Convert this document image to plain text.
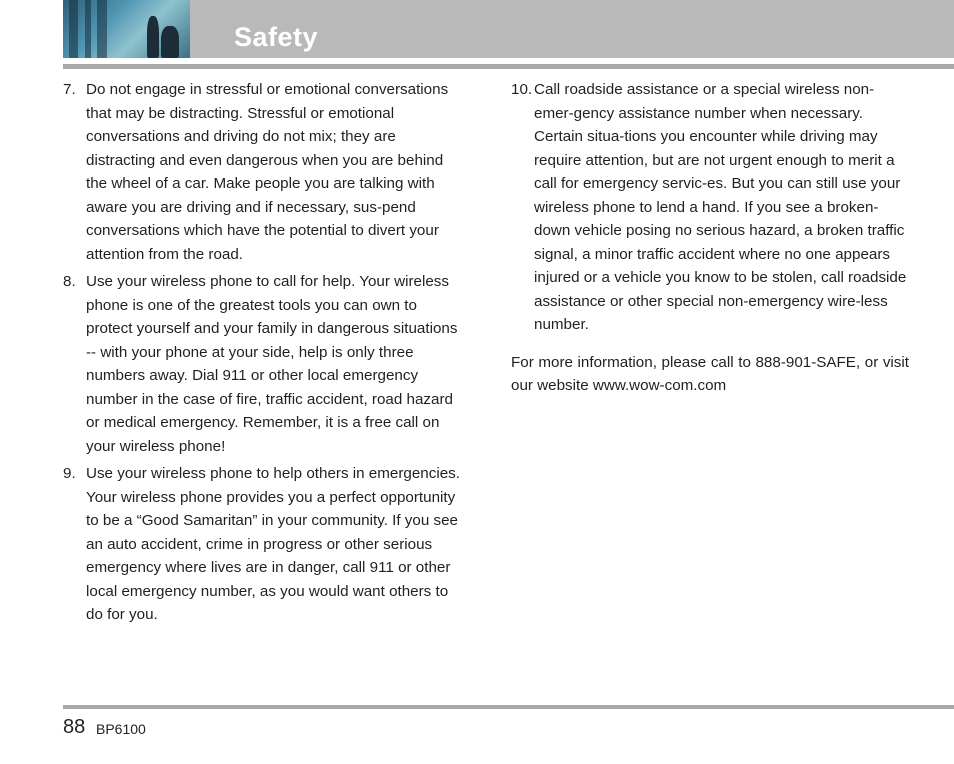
Safety
7. Do not engage in stressful or emotional conversations that may be distracting. Stressful or emotional conversations and driving do not mix; they are distracting and even dangerous when you are behind the wheel of a car. Make people you are talking with aware you are driving and if necessary, sus-pend conversations which have the potential to divert your attention from the road.
8. Use your wireless phone to call for help. Your wireless phone is one of the greatest tools you can own to protect yourself and your family in dangerous situations -- with your phone at your side, help is only three numbers away. Dial 911 or other local emergency number in the case of fire, traffic accident, road hazard or medical emergency. Remember, it is a free call on your wireless phone!
9. Use your wireless phone to help others in emergencies. Your wireless phone provides you a perfect opportunity to be a “Good Samaritan” in your community. If you see an auto accident, crime in progress or other serious emergency where lives are in danger, call 911 or other local emergency number, as you would want others to do for you.
10. Call roadside assistance or a special wireless non-emer-gency assistance number when necessary. Certain situa-tions you encounter while driving may require attention, but are not urgent enough to merit a call for emergency servic-es. But you can still use your wireless phone to lend a hand. If you see a broken-down vehicle posing no serious hazard, a broken traffic signal, a minor traffic accident where no one appears injured or a vehicle you know to be stolen, call roadside assistance or other special non-emergency wire-less number.
For more information, please call to 888-901-SAFE, or visit our website www.wow-com.com
88 BP6100
